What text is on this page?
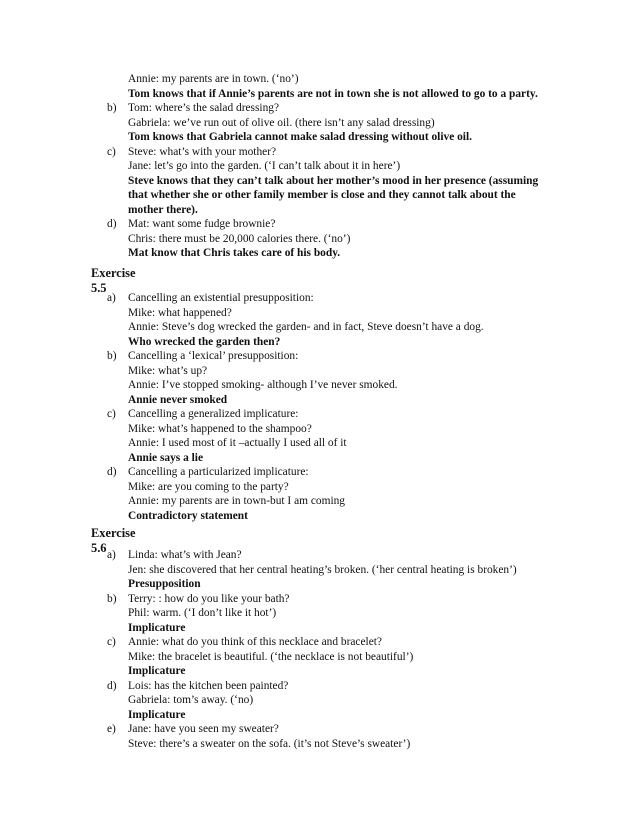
Annie: my parents are in town. (‘no’)
Tom knows that if Annie’s parents are not in town she is not allowed to go to a party.
b) Tom: where’s the salad dressing?
Gabriela: we’ve run out of olive oil. (there isn’t any salad dressing)
Tom knows that Gabriela cannot make salad dressing without olive oil.
c) Steve: what’s with your mother?
Jane: let’s go into the garden. (‘I can’t talk about it in here’)
Steve knows that they can’t talk about her mother’s mood in her presence (assuming
that whether she or other family member is close and they cannot talk about the
mother there).
d) Mat: want some fudge brownie?
Chris: there must be 20,000 calories there. (‘no’)
Mat know that Chris takes care of his body.
Exercise 5.5
a) Cancelling an existential presupposition:
Mike: what happened?
Annie: Steve’s dog wrecked the garden- and in fact, Steve doesn’t have a dog.
Who wrecked the garden then?
b) Cancelling a ‘lexical’ presupposition:
Mike: what’s up?
Annie: I’ve stopped smoking- although I’ve never smoked.
Annie never smoked
c) Cancelling a generalized implicature:
Mike: what’s happened to the shampoo?
Annie: I used most of it –actually I used all of it
Annie says a lie
d) Cancelling a particularized implicature:
Mike: are you coming to the party?
Annie: my parents are in town-but I am coming
Contradictory statement
Exercise 5.6 a) Linda: what’s with Jean?
Jen: she discovered that her central heating’s broken. (‘her central heating is broken’)
Presupposition
b) Terry: : how do you like your bath?
Phil: warm. (‘I don’t like it hot’)
Implicature
c) Annie: what do you think of this necklace and bracelet?
Mike: the bracelet is beautiful. (‘the necklace is not beautiful’)
Implicature
d) Lois: has the kitchen been painted?
Gabriela: tom’s away. (‘no)
Implicature
e) Jane: have you seen my sweater?
Steve: there’s a sweater on the sofa. (it’s not Steve’s sweater’)
